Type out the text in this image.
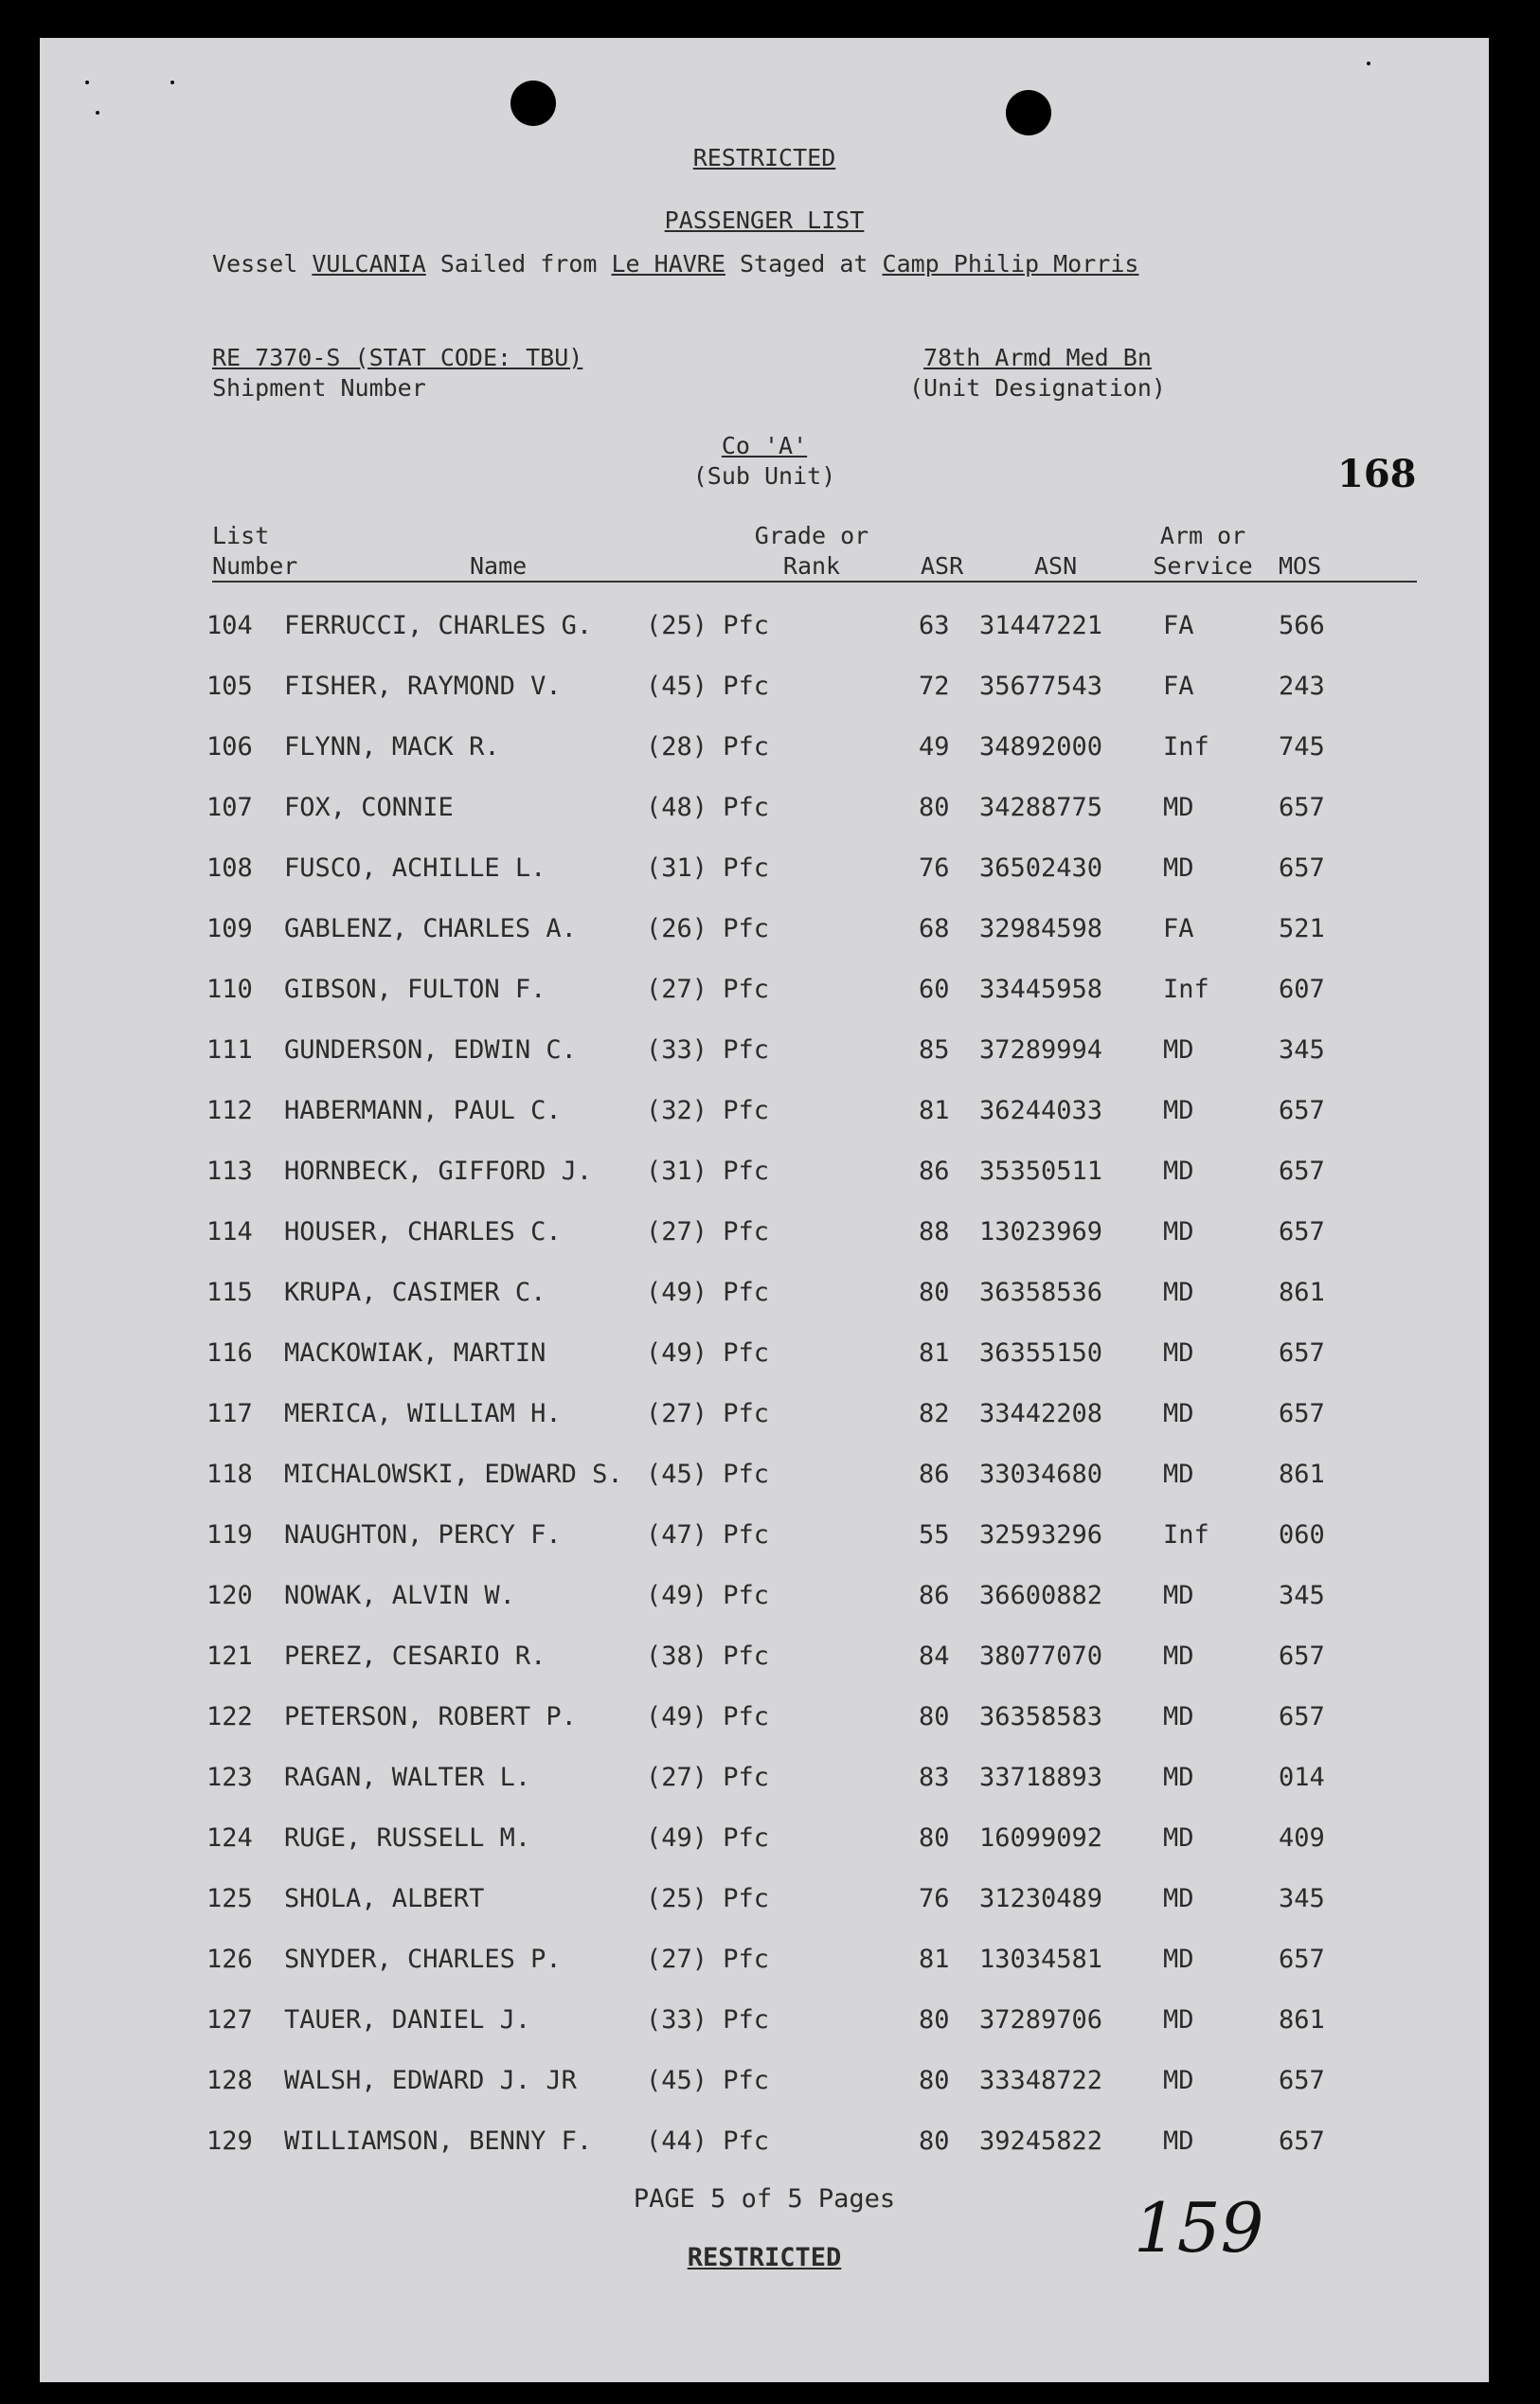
RESTRICTED
PASSENGER LIST
Vessel VULCANIA Sailed from Le HAVRE Staged at Camp Philip Morris
RE 7370-S (STAT CODE: TBU)
Shipment Number
78th Armd Med Bn
(Unit Designation)
Co 'A'
(Sub Unit)	168
List
Number	Name
Grade or
Rank	ASR	ASN
Arm or
Service MOS
104 FERRUCCI, CHARLES G. (25) Pfc	63 31447221 FA	566
105 FISHER, RAYMOND V.	(45) Pfc	72 35677543 FA	243
106 FLYNN, MACK R.	(28) Pfc	49 34892000 Inf	745
107 FOX, CONNIE	(48) Pfc	80 34288775 MD	657
108 FUSCO, ACHILLE L.	(31) Pfc	76 36502430 MD	657
109 GABLENZ, CHARLES A.	(26) Pfc	68 32984598 FA	521
110 GIBSON, FULTON F.	(27) Pfc	60 33445958 Inf	607
111 GUNDERSON, EDWIN C.	(33) Pfc	85 37289994 MD	345
112 HABERMANN, PAUL C.	(32) Pfc	81 36244033 MD	657
113 HORNBECK, GIFFORD J. (31) Pfc	86 35350511 MD	657
114 HOUSER, CHARLES C.	(27) Pfc	88 13023969 MD	657
115 KRUPA, CASIMER C.	(49) Pfc	80 36358536 MD	861
116 MACKOWIAK, MARTIN	(49) Pfc	81 36355150 MD	657
117 MERICA, WILLIAM H.	(27) Pfc	82 33442208 MD	657
118 MICHALOWSKI, EDWARD S. (45) Pfc	86 33034680 MD	861
119 NAUGHTON, PERCY F.	(47) Pfc	55 32593296 Inf	060
120 NOWAK, ALVIN W.	(49) Pfc	86 36600882 MD	345
121 PEREZ, CESARIO R.	(38) Pfc	84 38077070 MD	657
122 PETERSON, ROBERT P.	(49) Pfc	80 36358583 MD	657
123 RAGAN, WALTER L.	(27) Pfc	83 33718893 MD	014
124 RUGE, RUSSELL M.	(49) Pfc	80 16099092 MD	409
125 SHOLA, ALBERT	(25) Pfc	76 31230489 MD	345
126 SNYDER, CHARLES P.	(27) Pfc	81 13034581 MD	657
127 TAUER, DANIEL J.	(33) Pfc	80 37289706 MD	861
128 WALSH, EDWARD J. JR	(45) Pfc	80 33348722 MD	657
129 WILLIAMSON, BENNY F. (44) Pfc	80 39245822 MD	657
PAGE 5 of 5 Pages
RESTRICTED	159
